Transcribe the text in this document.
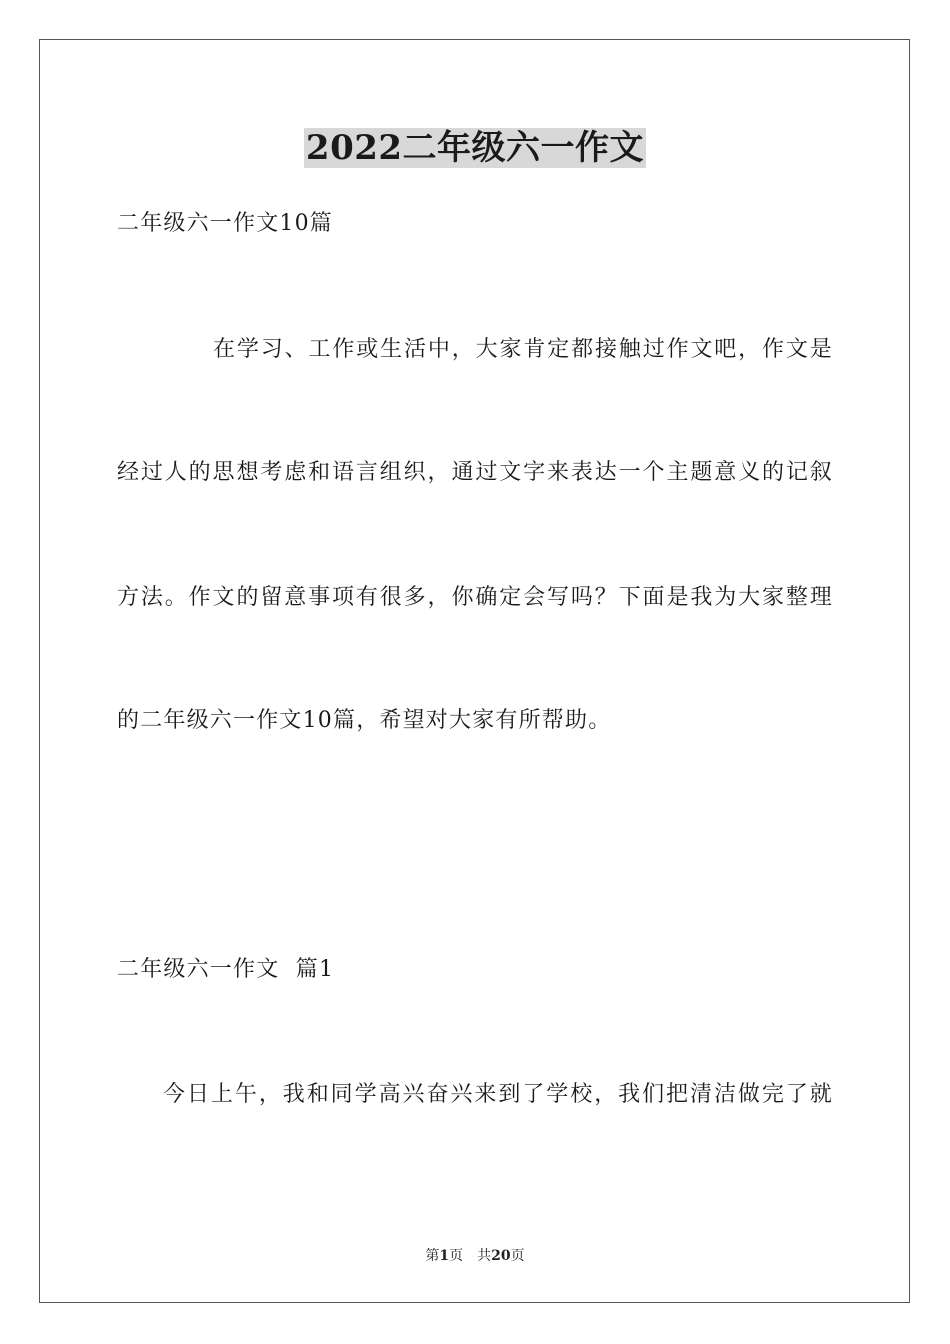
2022二年级六一作文
二年级六一作文10篇
在学习、工作或生活中，大家肯定都接触过作文吧，作文是
经过人的思想考虑和语言组织，通过文字来表达一个主题意义的记叙
方法。作文的留意事项有很多，你确定会写吗？下面是我为大家整理
的二年级六一作文10篇，希望对大家有所帮助。
二年级六一作文  篇1
今日上午，我和同学高兴奋兴来到了学校，我们把清洁做完了就
第1页 共20页
